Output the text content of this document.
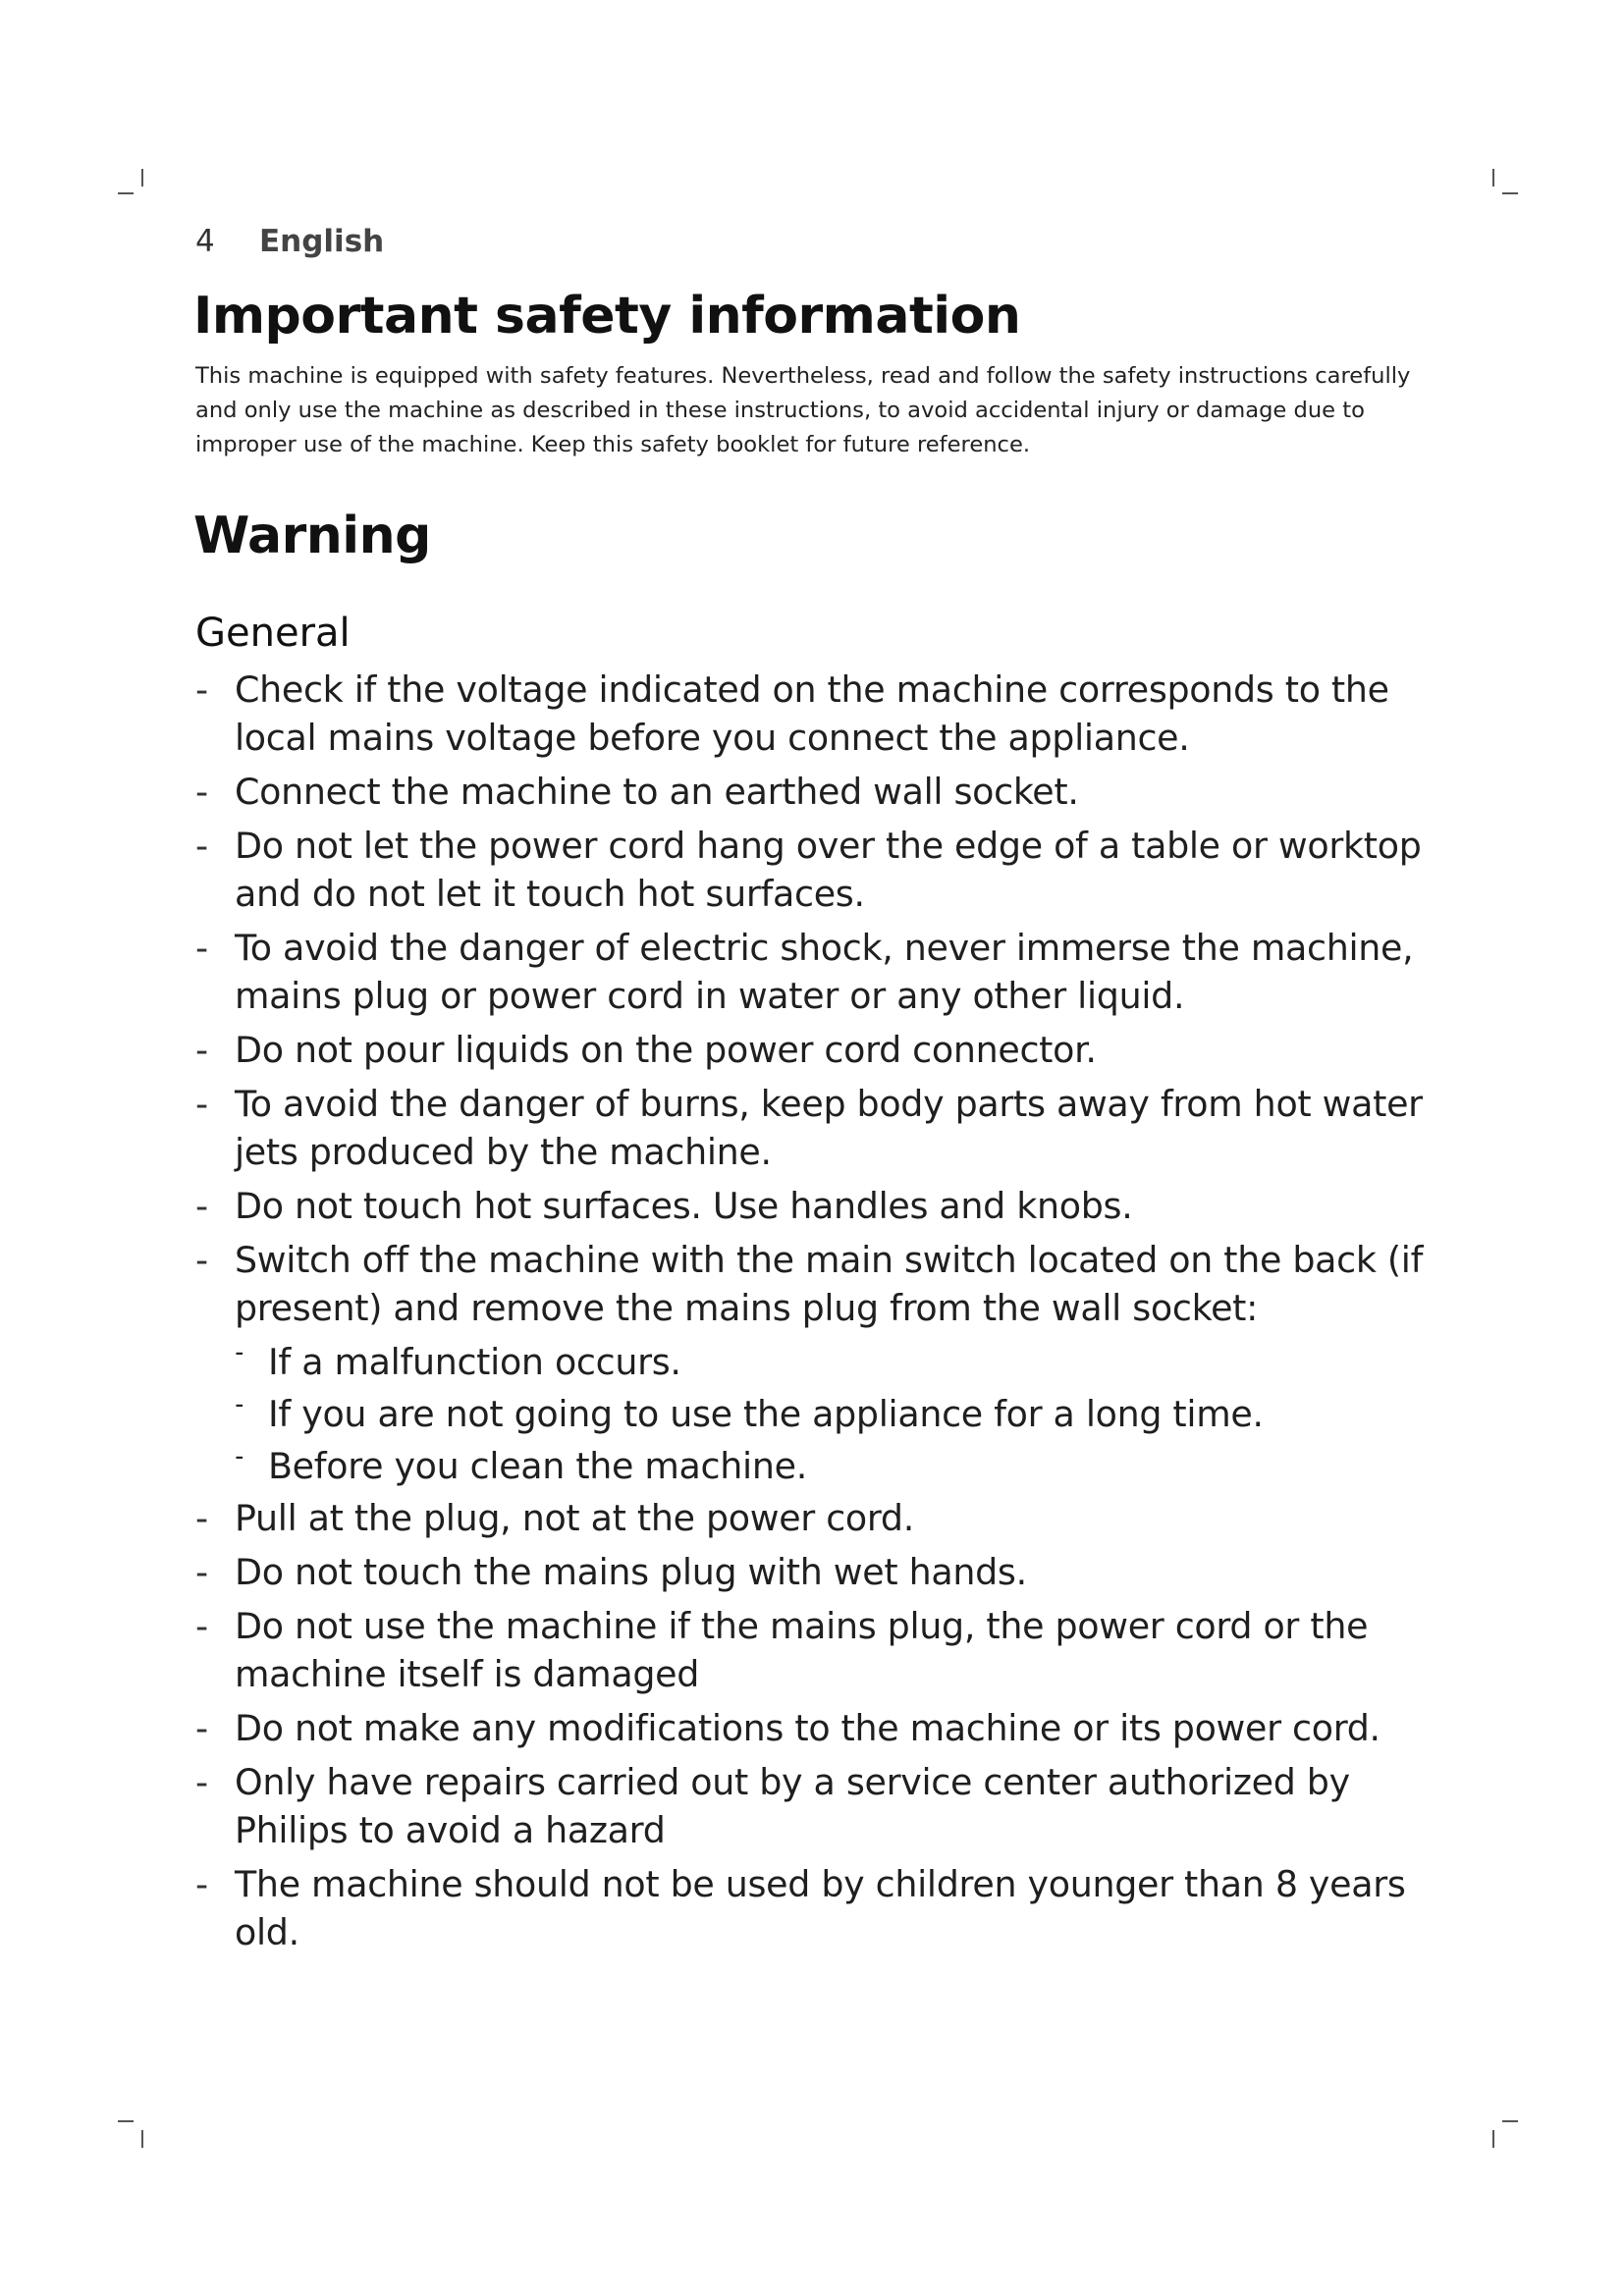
4	English
Important safety information

This machine is equipped with safety features. Nevertheless, read and follow the safety instructions carefully and only use the machine as described in these instructions, to avoid accidental injury or damage due to improper use of the machine. Keep this safety booklet for future reference.

Warning
General
- Check if the voltage indicated on the machine corresponds to the local mains voltage before you connect the appliance.
- Connect the machine to an earthed wall socket.
- Do not let the power cord hang over the edge of a table or worktop and do not let it touch hot surfaces.
- To avoid the danger of electric shock, never immerse the machine, mains plug or power cord in water or any other liquid.
- Do not pour liquids on the power cord connector.
- To avoid the danger of burns, keep body parts away from hot water jets produced by the machine.
- Do not touch hot surfaces. Use handles and knobs.
- Switch off the machine with the main switch located on the back (if present) and remove the mains plug from the wall socket:
˗ If a malfunction occurs.
˗ If you are not going to use the appliance for a long time.
˗ Before you clean the machine.
- Pull at the plug, not at the power cord.
- Do not touch the mains plug with wet hands.
- Do not use the machine if the mains plug, the power cord or the machine itself is damaged
- Do not make any modifications to the machine or its power cord.
- Only have repairs carried out by a service center authorized by Philips to avoid a hazard
- The machine should not be used by children younger than 8 years old.
